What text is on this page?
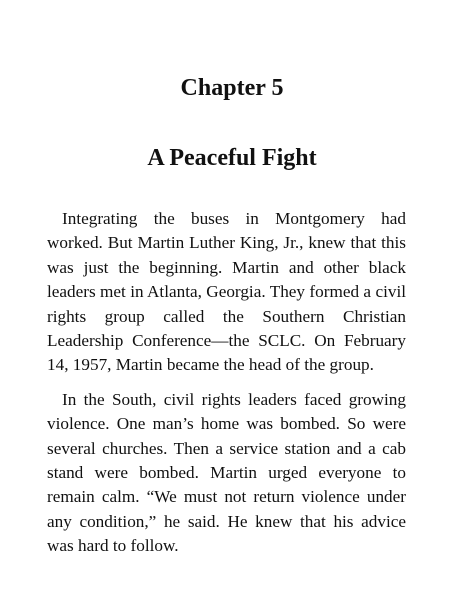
Chapter 5
A Peaceful Fight

Integrating the buses in Montgomery had worked. But Martin Luther King, Jr., knew that this was just the beginning. Martin and other black leaders met in Atlanta, Georgia. They formed a civil rights group called the Southern Christian Leadership Conference—the SCLC. On February 14, 1957, Martin became the head of the group.

In the South, civil rights leaders faced growing violence. One man’s home was bombed. So were several churches. Then a service station and a cab stand were bombed. Martin urged everyone to remain calm. “We must not return violence under any condition,” he said. He knew that his advice was hard to follow.
